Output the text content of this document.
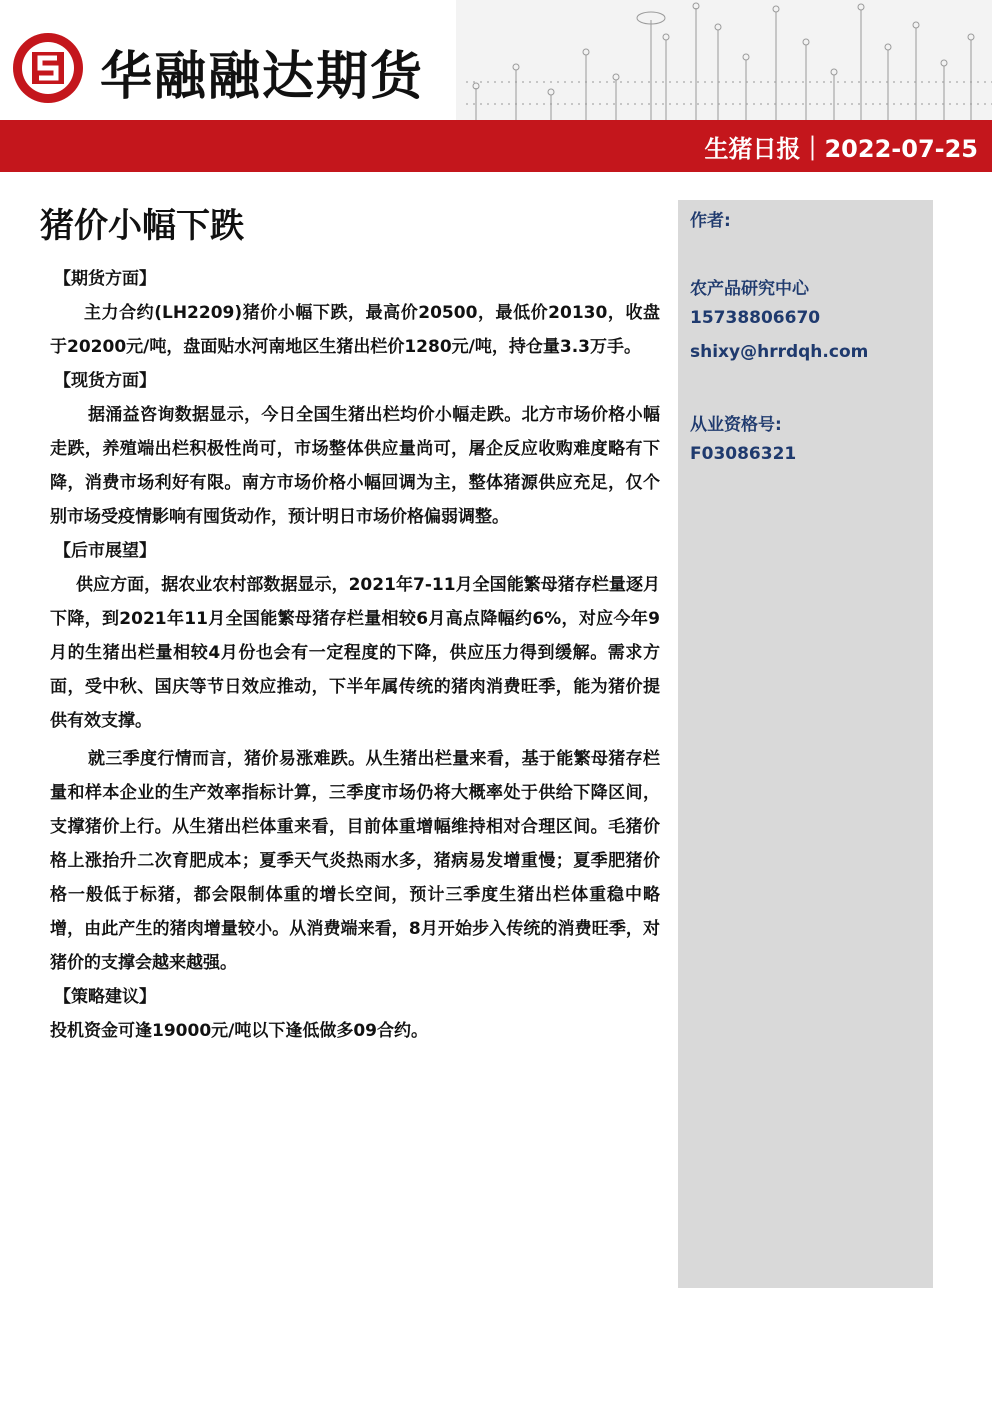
华融融达期货
生猪日报｜2022-07-25
猪价小幅下跌
【期货方面】

主力合约(LH2209)猪价小幅下跌，最高价20500，最低价20130，收盘于20200元/吨，盘面贴水河南地区生猪出栏价1280元/吨，持仓量3.3万手。

【现货方面】

据涌益咨询数据显示，今日全国生猪出栏均价小幅走跌。北方市场价格小幅走跌，养殖端出栏积极性尚可，市场整体供应量尚可，屠企反应收购难度略有下降，消费市场利好有限。南方市场价格小幅回调为主，整体猪源供应充足，仅个别市场受疫情影响有囤货动作，预计明日市场价格偏弱调整。

【后市展望】

供应方面，据农业农村部数据显示，2021年7-11月全国能繁母猪存栏量逐月下降，到2021年11月全国能繁母猪存栏量相较6月高点降幅约6%，对应今年9月的生猪出栏量相较4月份也会有一定程度的下降，供应压力得到缓解。需求方面，受中秋、国庆等节日效应推动，下半年属传统的猪肉消费旺季，能为猪价提供有效支撑。

就三季度行情而言，猪价易涨难跌。从生猪出栏量来看，基于能繁母猪存栏量和样本企业的生产效率指标计算，三季度市场仍将大概率处于供给下降区间，支撑猪价上行。从生猪出栏体重来看，目前体重增幅维持相对合理区间。毛猪价格上涨抬升二次育肥成本；夏季天气炎热雨水多，猪病易发增重慢；夏季肥猪价格一般低于标猪，都会限制体重的增长空间，预计三季度生猪出栏体重稳中略增，由此产生的猪肉增量较小。从消费端来看，8月开始步入传统的消费旺季，对猪价的支撑会越来越强。

【策略建议】

投机资金可逢19000元/吨以下逢低做多09合约。

作者:
农产品研究中心
15738806670
shixy@hrrdqh.com
从业资格号:
F03086321
